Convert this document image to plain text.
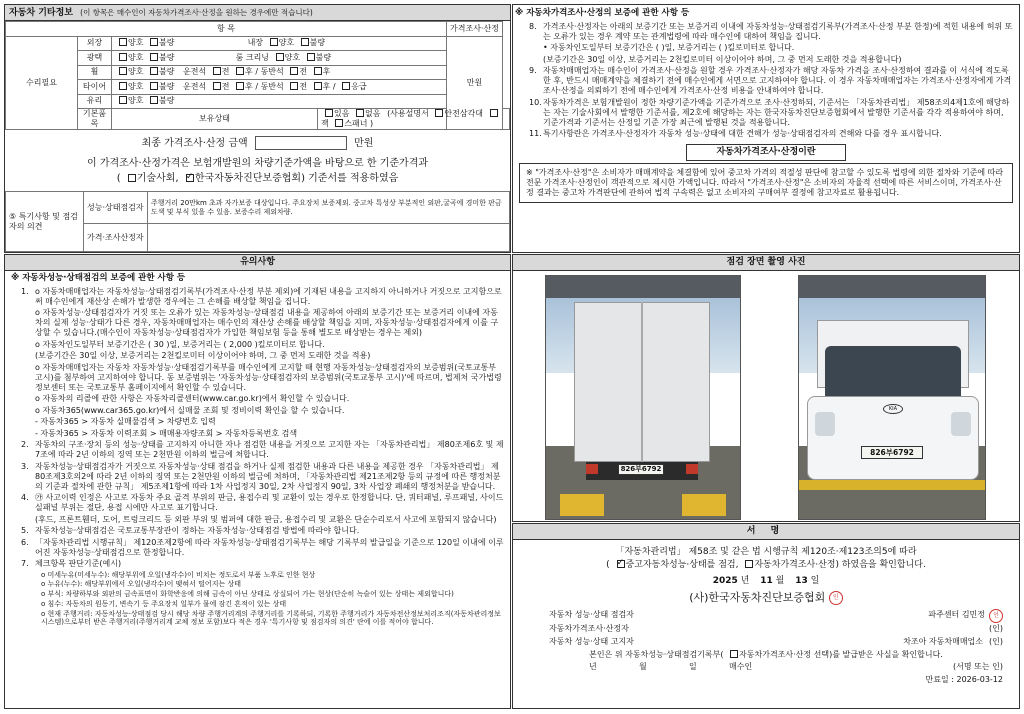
자동차 기타정보 (이 항목은 매수인이 자동차가격조사·산정을 원하는 경우에만 적습니다)
항 목				가격조사·산정	
수리필요	외장	양호 불량 내장 양호 불량		만원	
	광택	양호 불량 룸 크리닝 양호 불량			
	휠	양호 불량 운전석 전 후 / 동반석 전 후			
	타이어	양호 불량 운전석 전 후 / 동반석 전 후 / 응급			
	유리	양호 불량			
	기본품목	보유상태	있음 없음 (사용설명서 안전삼각대 잭 스패너 )		
최종 가격조사·산정 금액	만원
이 가격조사·산정가격은 보험개발원의 차량기준가액을 바탕으로 한 기준가격과
( 기술사회, ✓ 한국자동차진단보증협회) 기준서를 적용하였음
⑤ 특기사항 및 점검자의 의견	성능·상태점검자	주행거리 20만km 초과 자가보증 대상입니다. 주요장치 보증제외. 중고차 특성상 부분적인 외판,굴곡에 경미한 판금 도색 및 부식 있을 수 있음. 보증수리 제외차량.
	가격·조사산정자	
※ 자동차가격조사·산정의 보증에 관한 사항 등
8. 가격조사·산정자는 아래의 보증기간 또는 보증거리 이내에 자동차성능·상태점검기록부(가격조사·산정 부분 한정)에 적힌 내용에 허위 또는 오류가 있는 경우 계약 또는 관계법령에 따라 매수인에 대하여 책임을 집니다.
• 자동차인도일부터 보증기간은 ( )일, 보증거리는 ( )킬로미터로 합니다.
(보증기간은 30일 이상, 보증거리는 2천킬로미터 이상이어야 하며, 그 중 먼저 도래한 것을 적용합니다)
9. 자동차매매업자는 매수인이 가격조사·산정을 원할 경우 가격조사·산정자가 해당 자동차 가격을 조사·산정하여 결과를 이 서식에 적도록 한 후, 반드시 매매계약을 체결하기 전에 매수인에게 서면으로 고지하여야 합니다. 이 경우 자동차매매업자는 가격조사·산정자에게 가격조사·산정을 의뢰하기 전에 매수인에게 가격조사·산정 비용을 안내하여야 합니다.
10. 자동차가격은 보험개발원이 정한 차량기준가액을 기준가격으로 조사·산정하되, 기준서는 「자동차관리법」 제58조의4제1호에 해당하는 자는 기술사회에서 발행한 기준서를, 제2호에 해당하는 자는 한국자동차진단보증협회에서 발행한 기준서를 각각 적용하여야 하며, 기준가격과 기준서는 산정일 기준 가장 최근에 발행된 것을 적용합니다.
11. 특기사항란은 가격조사·산정자가 자동차 성능·상태에 대한 견해가 성능·상태점검자의 견해와 다를 경우 표시합니다.
자동차가격조사·산정이란
※ "가격조사·산정"은 소비자가 매매계약을 체결함에 있어 중고차 가격의 적절성 판단에 참고할 수 있도록 법령에 의한 절차와 기준에 따라 전문 가격조사·산정인이 객관적으로 제시한 가액입니다. 따라서 "가격조사·산정"은 소비자의 자율적 선택에 따른 서비스이며, 가격조사·산정 결과는 중고차 가격판단에 관하여 법적 구속력은 없고 소비자의 구매여부 결정에 참고자료로 활용됩니다.
유의사항
※ 자동차성능·상태점검의 보증에 관한 사항 등
1. o 자동차매매업자는 자동차성능·상태점검기록부(가격조사·산정 부분 제외)에 기재된 내용을 고지하지 아니하거나 거짓으로 고지함으로써 매수인에게 재산상 손해가 발생한 경우에는 그 손해를 배상할 책임을 집니다.
o 자동차성능·상태점검자가 거짓 또는 오류가 있는 자동차성능·상태점검 내용을 제공하여 아래의 보증기간 또는 보증거리 이내에 자동차의 실제 성능·상태가 다른 경우, 자동차매매업자는 매수인의 재산상 손해를 배상할 책임을 지며, 자동차성능·상태점검자에게 이를 구상할 수 있습니다.(매수인이 자동차성능·상태점검자가 가입한 책임보험 등을 통해 별도로 배상받는 경우는 제외)
o 자동차인도일부터 보증기간은 ( 30 )일, 보증거리는 ( 2,000 )킬로미터로 합니다.
(보증기간은 30일 이상, 보증거리는 2천킬로미터 이상이어야 하며, 그 중 먼저 도래한 것을 적용)
o 자동차매매업자는 자동차 자동차성능·상태점검기록부를 매수인에게 고지할 때 현행 자동차성능·상태점검자의 보증범위(국토교통부 고시)를 첨부하여 고지하여야 합니다. 동 보증범위는 '자동차성능·상태점검자의 보증범위(국토교통부 고시)'에 따르며, 법제처 국가법령정보센터 또는 국토교통부 홈페이지에서 확인할 수 있습니다.
o 자동차의 리콜에 관한 사항은 자동차리콜센터(www.car.go.kr)에서 확인할 수 있습니다.
o 자동차365(www.car365.go.kr)에서 실매물 조회 및 정비이력 확인을 할 수 있습니다.
- 자동차365 > 자동차 실매물검색 > 차량번호 입력
- 자동차365 > 자동차 이력조회 > 매매용자량조회 > 자동차등록번호 검색
2. 자동차의 구조·장치 등의 성능·상태를 고지하지 아니한 자나 점검한 내용을 거짓으로 고지한 자는 「자동차관리법」 제80조제6호 및 제7조에 따라 2년 이하의 징역 또는 2천만원 이하의 벌금에 처합니다.
3. 자동차성능·상태점검자가 거짓으로 자동차성능·상태 점검을 하거나 실제 점검한 내용과 다른 내용을 제공한 경우 「자동차관리법」 제80조제3호의2에 따라 2년 이하의 징역 또는 2천만원 이하의 벌금에 처하며, 「자동차관리법 제21조제2항 등의 규정에 따른 행정처분의 기준과 절차에 관한 규칙」 제5조제1항에 따라 1차 사업정지 30일, 2차 사업정지 90일, 3차 사업장 폐쇄의 행정처분을 받습니다.
4. ㉮ 사고이력 인정은 사고로 자동차 주요 골격 부위의 판금, 용접수리 및 교환이 있는 경우로 한정합니다. 단, 쿼터패널, 루프패널, 사이드실패널 부위는 절단, 용접 시에만 사고로 표기합니다.
(후드, 프론트휀더, 도어, 트렁크리드 등 외판 부위 및 범퍼에 대한 판금, 용접수리 및 교환은 단순수리로서 사고에 포함되지 않습니다)
5. 자동차성능·상태점검은 국토교통부장관이 정하는 자동차성능·상태점검 방법에 따라야 합니다.
6. 「자동차관리법 시행규칙」 제120조제2항에 따라 자동차성능·상태점검기록부는 해당 기록부의 발급일을 기준으로 120일 이내에 이루어진 자동차성능·상태점검으로 한정합니다.
7. 체크항목 판단기준(예시)
o 미세누유(미세누수): 해당부위에 오일(냉각수)이 비치는 정도로서 부품 노후로 인한 현상
o 누유(누수): 해당부위에서 오일(냉각수)이 맺혀서 떨어지는 상태
o 부식: 차량하부와 외판의 금속표면이 화학반응에 의해 금속이 아닌 상태로 상실되어 가는 현상(단순히 녹슬어 있는 상태는 제외합니다)
o 침수: 자동차의 원동기, 변속기 등 주요장치 일부가 물에 잠긴 흔적이 있는 상태
o 현재 주행거리: 자동차성능·상태점검 당시 해당 차량 주행거리계의 주행거리를 기록하되, 기록한 주행거리가 자동차전산정보처리조직(자동차관리정보시스템)으로부터 받은 주행거리(주행거리계 교체 정보 포함)보다 적은 경우 '특기사항 및 점검자의 의견' 란에 이를 적어야 합니다.
점검 장면 촬영 사진
826부6792
KIA
826부6792
서 명
「자동차관리법」 제58조 및 같은 법 시행규칙 제120조·제123조의5에 따라
( ✓ 중고자동차성능·상태를 점검, 자동차가격조사·산정) 하였음을 확인합니다.
2025 년 11 월 13 일
(사)한국자동차진단보증협회 인
자동차 성능·상태 점검자	파주센터 김민정	인
자동차가격조사·산정자	(인)
자동차 성능·상태 고지자	차조아 자동차매매업소 (인)
본인은 위 자동차성능·상태점검기록부( 자동차가격조사·산정 선택)를 발급받은 사실을 확인합니다.
년	월	일	매수인	(서명 또는 인)
만료일 : 2026-03-12
